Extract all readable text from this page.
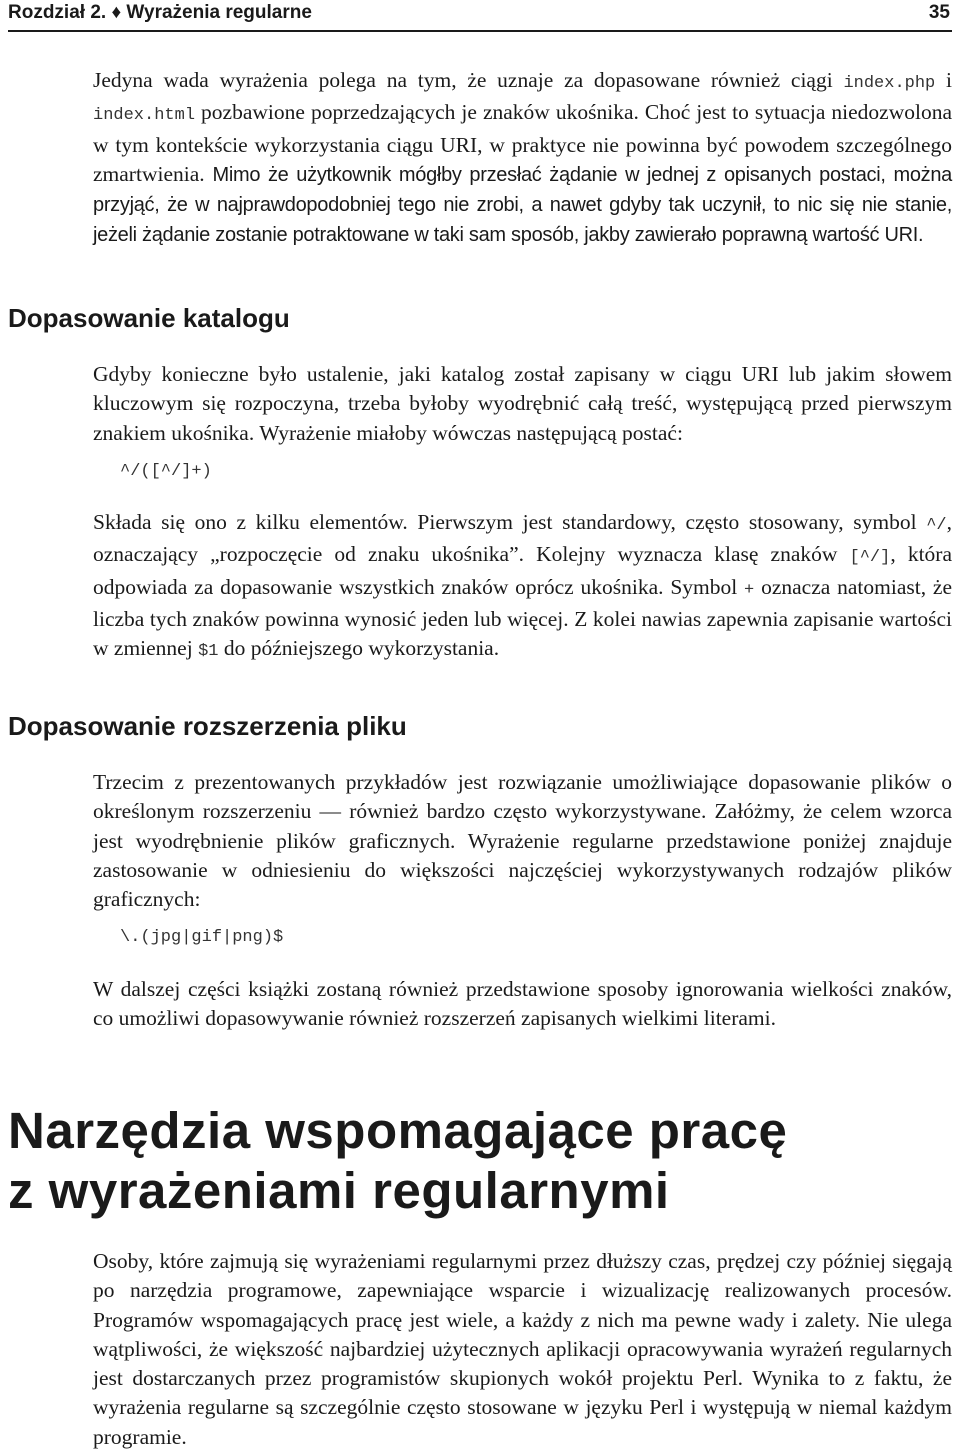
Rozdział 2. ♦ Wyrażenia regularne	35

Jedyna wada wyrażenia polega na tym, że uznaje za dopasowane również ciągi index.php i index.html pozbawione poprzedzających je znaków ukośnika. Choć jest to sytuacja niedozwolona w tym kontekście wykorzystania ciągu URI, w praktyce nie powinna być powodem szczególnego zmartwienia. Mimo że użytkownik mógłby przesłać żądanie w jednej z opisanych postaci, można przyjąć, że w najprawdopodobniej tego nie zrobi, a nawet gdyby tak uczynił, to nic się nie stanie, jeżeli żądanie zostanie potraktowane w taki sam sposób, jakby zawierało poprawną wartość URI.

Dopasowanie katalogu

Gdyby konieczne było ustalenie, jaki katalog został zapisany w ciągu URI lub jakim słowem kluczowym się rozpoczyna, trzeba byłoby wyodrębnić całą treść, występującą przed pierwszym znakiem ukośnika. Wyrażenie miałoby wówczas następującą postać:

^/([^/]+)

Składa się ono z kilku elementów. Pierwszym jest standardowy, często stosowany, symbol ^/, oznaczający „rozpoczęcie od znaku ukośnika”. Kolejny wyznacza klasę znaków [^/], która odpowiada za dopasowanie wszystkich znaków oprócz ukośnika. Symbol + oznacza natomiast, że liczba tych znaków powinna wynosić jeden lub więcej. Z kolei nawias zapewnia zapisanie wartości w zmiennej $1 do późniejszego wykorzystania.

Dopasowanie rozszerzenia pliku

Trzecim z prezentowanych przykładów jest rozwiązanie umożliwiające dopasowanie plików o określonym rozszerzeniu — również bardzo często wykorzystywane. Załóżmy, że celem wzorca jest wyodrębnienie plików graficznych. Wyrażenie regularne przedstawione poniżej znajduje zastosowanie w odniesieniu do większości najczęściej wykorzystywanych rodzajów plików graficznych:

\.(jpg|gif|png)$

W dalszej części książki zostaną również przedstawione sposoby ignorowania wielkości znaków, co umożliwi dopasowywanie również rozszerzeń zapisanych wielkimi literami.

Narzędzia wspomagające pracę
z wyrażeniami regularnymi

Osoby, które zajmują się wyrażeniami regularnymi przez dłuższy czas, prędzej czy później sięgają po narzędzia programowe, zapewniające wsparcie i wizualizację realizowanych procesów. Programów wspomagających pracę jest wiele, a każdy z nich ma pewne wady i zalety. Nie ulega wątpliwości, że większość najbardziej użytecznych aplikacji opracowywania wyrażeń regularnych jest dostarczanych przez programistów skupionych wokół projektu Perl. Wynika to z faktu, że wyrażenia regularne są szczególnie często stosowane w języku Perl i występują w niemal każdym programie.
